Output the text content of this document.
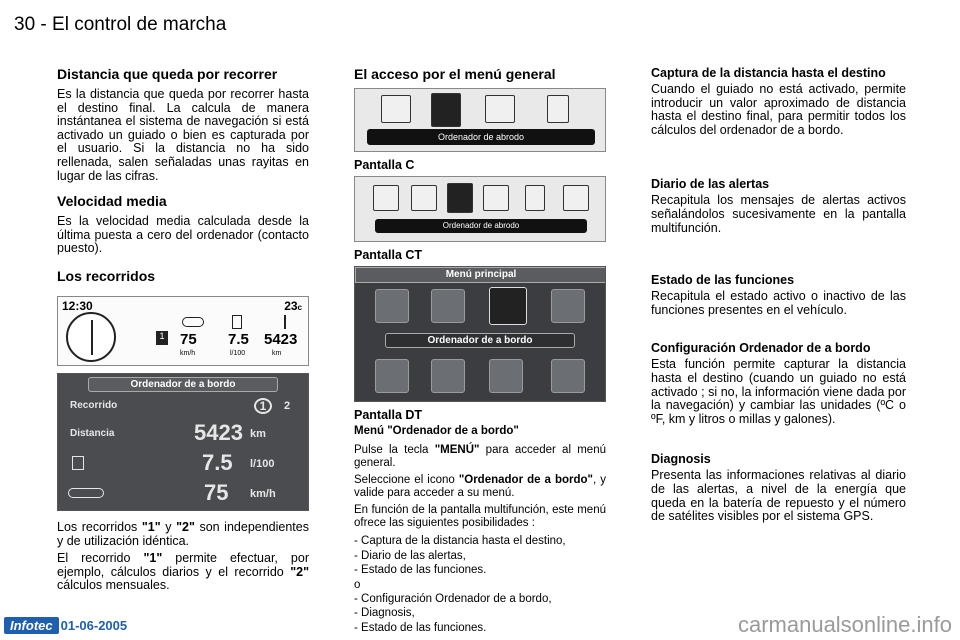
30 - El control de marcha
Distancia que queda por recorrer

Es la distancia que queda por recorrer hasta el destino final. La calcula de manera instántanea el sistema de navegación si está activado un guiado o bien es capturada por el usuario. Si la distancia no ha sido rellenada, salen señaladas unas rayitas en lugar de las cifras.

Velocidad media

Es la velocidad media calculada desde la última puesta a cero del ordenador (contacto puesto).

Los recorridos
12:30	23c
1 75 7.5 5423
km/h	l/100	km
Ordenador de a bordo
Recorrido	1	2
Distancia	5423 km
7.5 l/100
75 km/h

Los recorridos "1" y "2" son independientes y de utilización idéntica.

El recorrido "1" permite efectuar, por ejemplo, cálculos diarios y el recorrido "2" cálculos mensuales.

El acceso por el menú general
Ordenador de abrodo
Pantalla C
Ordenador de abrodo
Pantalla CT
Menú principal
Ordenador de a bordo
Pantalla DT
Menú "Ordenador de a bordo"

Pulse la tecla "MENÚ" para acceder al menú general.

Seleccione el icono "Ordenador de a bordo", y valide para acceder a su menú.

En función de la pantalla multifunción, este menú ofrece las siguientes posibilidades :

- Captura de la distancia hasta el destino,
- Diario de las alertas,
- Estado de las funciones.
o
- Configuración Ordenador de a bordo,
- Diagnosis,
- Estado de las funciones.
Captura de la distancia hasta el destino

Cuando el guiado no está activado, permite introducir un valor aproximado de distancia hasta el destino final, para permitir todos los cálculos del ordenador de a bordo.

Diario de las alertas

Recapitula los mensajes de alertas activos señalándolos sucesivamente en la pantalla multifunción.

Estado de las funciones

Recapitula el estado activo o inactivo de las funciones presentes en el vehículo.

Configuración Ordenador de a bordo

Esta función permite capturar la distancia hasta el destino (cuando un guiado no está activado ; si no, la información viene dada por la navegación) y cambiar las unidades (ºC o ºF, km y litros o millas y galones).

Diagnosis

Presenta las informaciones relativas al diario de las alertas, a nivel de la energía que queda en la batería de repuesto y el número de satélites visibles por el sistema GPS.

Infotec 01-06-2005	carmanualsonline.info
